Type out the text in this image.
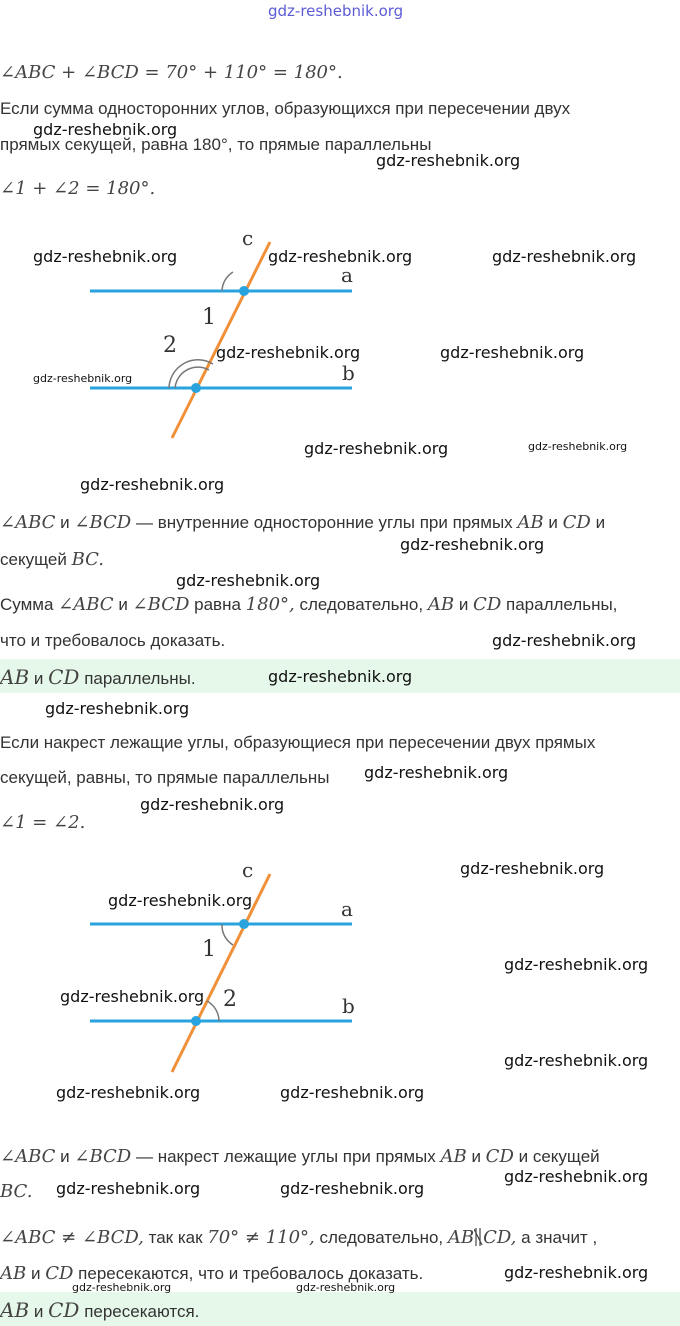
gdz-reshebnik.org
∠ABC + ∠BCD = 70° + 110° = 180°.
Если сумма односторонних углов, образующихся при пересечении двух
прямых секущей, равна 180°, то прямые параллельны
∠1 + ∠2 = 180°.
c
a
b
1
2
∠ABC и ∠BCD — внутренние односторонние углы при прямых AB и CD и
секущей BC.
Сумма ∠ABC и ∠BCD равна 180°, следовательно, AB и CD параллельны,
что и требовалось доказать.
AB и CD параллельны.
Если накрест лежащие углы, образующиеся при пересечении двух прямых
секущей, равны, то прямые параллельны
∠1 = ∠2.
c
a
b
1
2
∠ABC и ∠BCD — накрест лежащие углы при прямых AB и CD и секущей
BC.
∠ABC ≠ ∠BCD, так как 70° ≠ 110°, следовательно, AB CD, а значит ,
AB и CD пересекаются, что и требовалось доказать.
AB и CD пересекаются.
gdz-reshebnik.org
gdz-reshebnik.org
gdz-reshebnik.org	gdz-reshebnik.org	gdz-reshebnik.org
gdz-reshebnik.org	gdz-reshebnik.org
gdz-reshebnik.org
gdz-reshebnik.org	gdz-reshebnik.org
gdz-reshebnik.org
gdz-reshebnik.org
gdz-reshebnik.org
gdz-reshebnik.org
gdz-reshebnik.org
gdz-reshebnik.org
gdz-reshebnik.org
gdz-reshebnik.org
gdz-reshebnik.org
gdz-reshebnik.org
gdz-reshebnik.org
gdz-reshebnik.org
gdz-reshebnik.org
gdz-reshebnik.org	gdz-reshebnik.org
gdz-reshebnik.org
gdz-reshebnik.org	gdz-reshebnik.org
gdz-reshebnik.org
gdz-reshebnik.org	gdz-reshebnik.org
